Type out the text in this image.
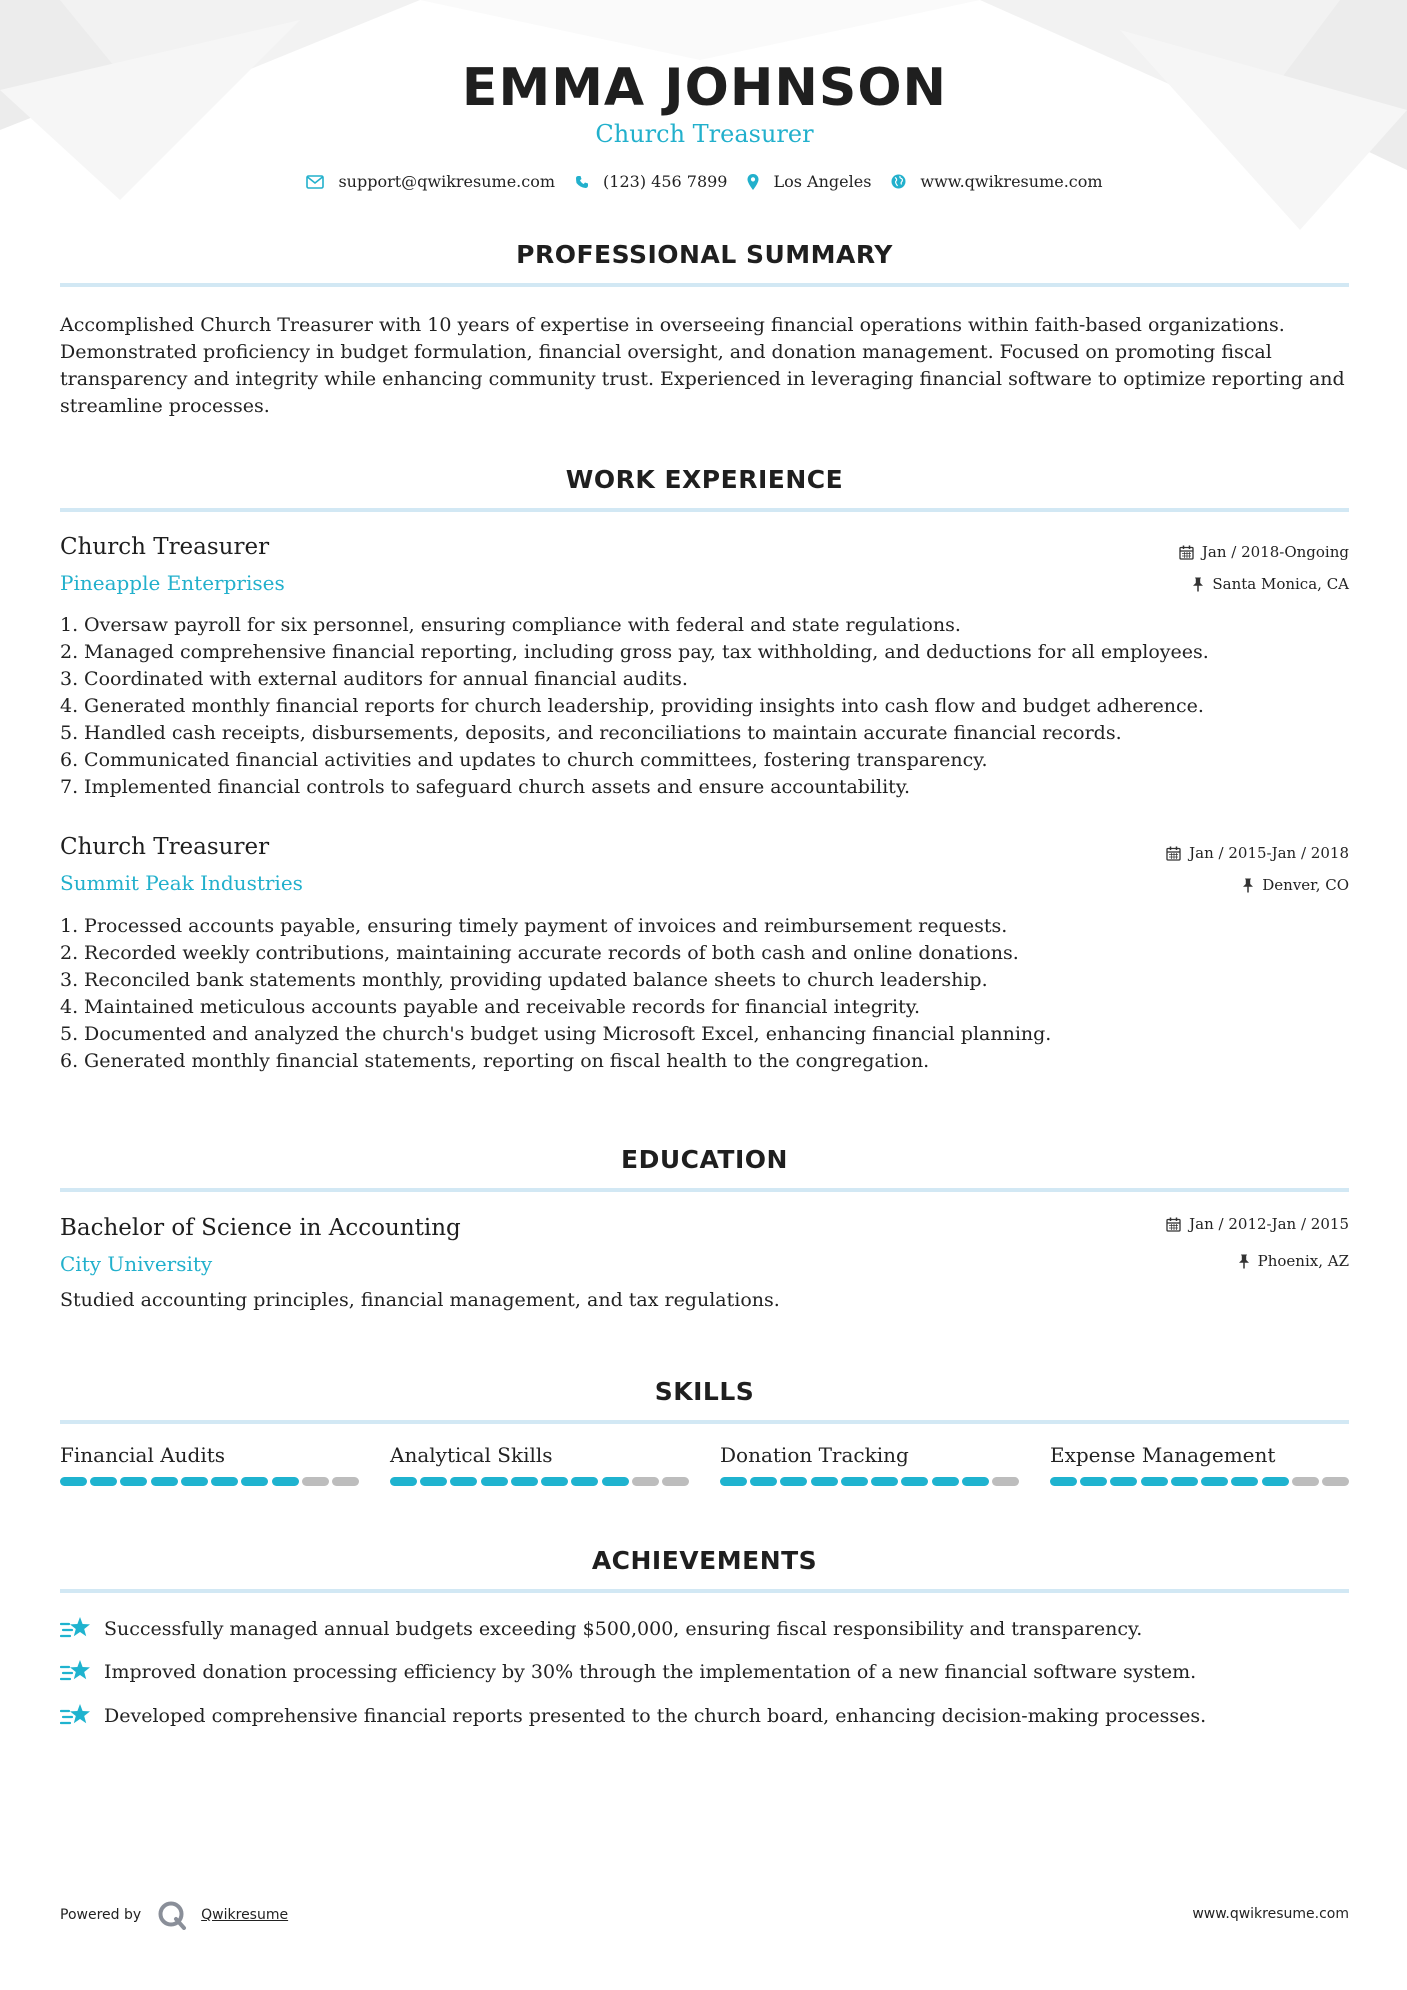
EMMA JOHNSON
Church Treasurer
support@qwikresume.com	(123) 456 7899	Los Angeles	www.qwikresume.com
PROFESSIONAL SUMMARY
Accomplished Church Treasurer with 10 years of expertise in overseeing financial operations within faith-based organizations. Demonstrated proficiency in budget formulation, financial oversight, and donation management. Focused on promoting fiscal transparency and integrity while enhancing community trust. Experienced in leveraging financial software to optimize reporting and streamline processes.
WORK EXPERIENCE
Church Treasurer
Pineapple Enterprises
Jan / 2018-Ongoing
Santa Monica, CA
1. Oversaw payroll for six personnel, ensuring compliance with federal and state regulations.
2. Managed comprehensive financial reporting, including gross pay, tax withholding, and deductions for all employees.
3. Coordinated with external auditors for annual financial audits.
4. Generated monthly financial reports for church leadership, providing insights into cash flow and budget adherence.
5. Handled cash receipts, disbursements, deposits, and reconciliations to maintain accurate financial records.
6. Communicated financial activities and updates to church committees, fostering transparency.
7. Implemented financial controls to safeguard church assets and ensure accountability.
Church Treasurer
Summit Peak Industries
Jan / 2015-Jan / 2018
Denver, CO
1. Processed accounts payable, ensuring timely payment of invoices and reimbursement requests.
2. Recorded weekly contributions, maintaining accurate records of both cash and online donations.
3. Reconciled bank statements monthly, providing updated balance sheets to church leadership.
4. Maintained meticulous accounts payable and receivable records for financial integrity.
5. Documented and analyzed the church's budget using Microsoft Excel, enhancing financial planning.
6. Generated monthly financial statements, reporting on fiscal health to the congregation.
EDUCATION
Bachelor of Science in Accounting
City University
Jan / 2012-Jan / 2015
Phoenix, AZ
Studied accounting principles, financial management, and tax regulations.
SKILLS
Financial Audits	Analytical Skills	Donation Tracking	Expense Management
ACHIEVEMENTS
Successfully managed annual budgets exceeding $500,000, ensuring fiscal responsibility and transparency.
Improved donation processing efficiency by 30% through the implementation of a new financial software system.
Developed comprehensive financial reports presented to the church board, enhancing decision-making processes.
Powered by	Qwikresume	www.qwikresume.com
